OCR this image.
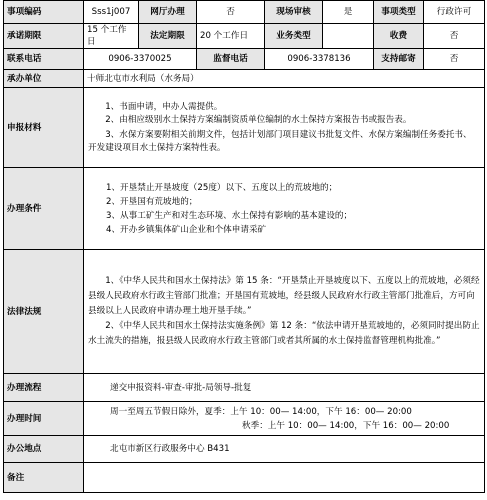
事项编码	Sss1j007	网厅办理	否	现场审核	是	事项类型	行政许可
承诺期限	15 个工作日	法定期限	20 个工作日	业务类型		收费	否
联系电话	0906-3370025		监督电话	0906-3378136		支持邮寄	否
承办单位	十师北屯市水利局（水务局）						
申报材料	1、书面申请，申办人需提供。

2、由相应级别水土保持方案编制资质单位编制的水土保持方案报告书或报告表。

3、水保方案要附相关前期文件，包括计划部门项目建议书批复文件、水保方案编制任务委托书、开发建设项目水土保持方案特性表。						

办理条件	1、开垦禁止开垦坡度（25度）以下、五度以上的荒坡地的；

2、开垦国有荒坡地的；

3、从事工矿生产和对生态环境、水土保持有影响的基本建设的；

4、开办乡镇集体矿山企业和个体申请采矿						

法律法规	1、《中华人民共和国水土保持法》第 15 条：“开垦禁止开垦坡度以下、五度以上的荒坡地，必须经县级人民政府水行政主管部门批准；开垦国有荒坡地，经县级人民政府水行政主管部门批准后，方可向县级以上人民政府申请办理土地开垦手续。”

2、《中华人民共和国水土保持法实施条例》第 12 条：“依法申请开垦荒坡地的，必须同时提出防止水土流失的措施，报县级人民政府水行政主管部门或者其所属的水土保持监督管理机构批准。”						

办理流程	递交申报资料-审查-审批-局领导-批复						
办理时间	周一至周五节假日除外，夏季：上午 10：00— 14:00，下午 16：00— 20:00

秋季：上午 10：00— 14:00，下午 16：00— 20:00						

办公地点	北屯市新区行政服务中心 B431						
备注							
